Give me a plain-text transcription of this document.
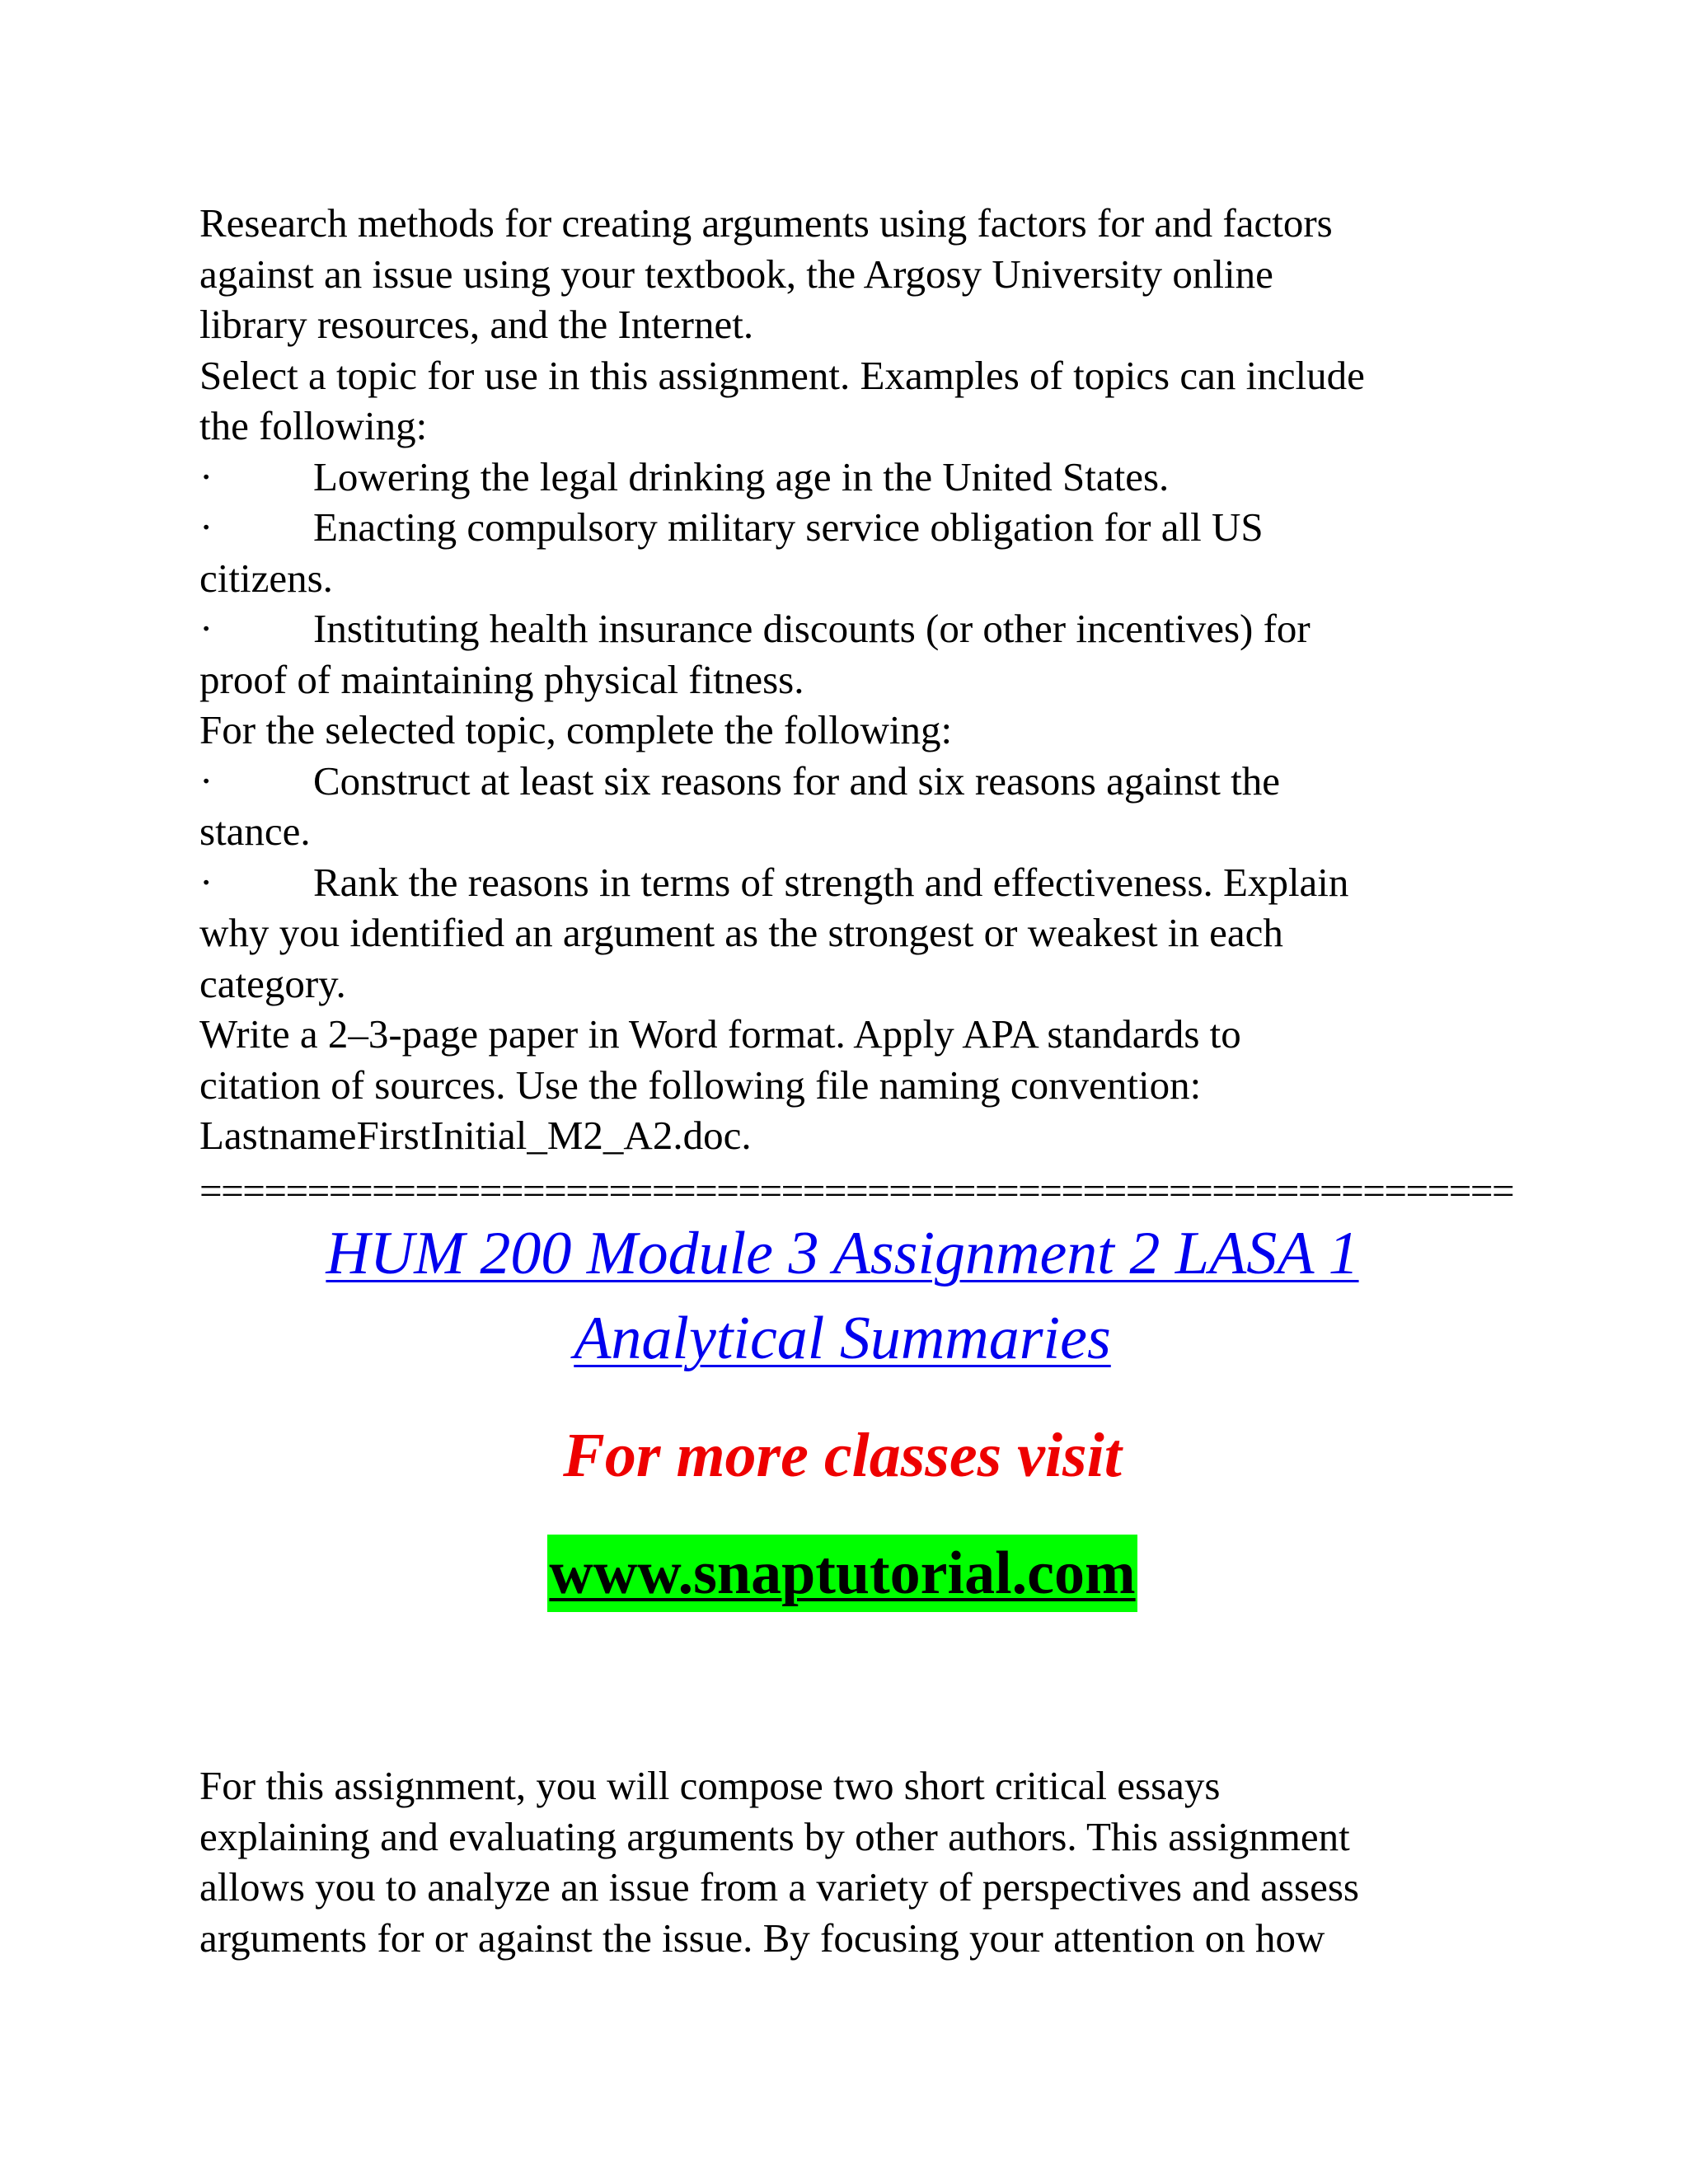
Research methods for creating arguments using factors for and factors
against an issue using your textbook, the Argosy University online
library resources, and the Internet.
Select a topic for use in this assignment. Examples of topics can include
the following:
· Lowering the legal drinking age in the United States.
· Enacting compulsory military service obligation for all US
citizens.
· Instituting health insurance discounts (or other incentives) for
proof of maintaining physical fitness.
For the selected topic, complete the following:
· Construct at least six reasons for and six reasons against the
stance.
· Rank the reasons in terms of strength and effectiveness. Explain
why you identified an argument as the strongest or weakest in each
category.
Write a 2–3-page paper in Word format. Apply APA standards to
citation of sources. Use the following file naming convention:
LastnameFirstInitial_M2_A2.doc.
=============================================================
HUM 200 Module 3 Assignment 2 LASA 1
Analytical Summaries
For more classes visit
www.snaptutorial.com
For this assignment, you will compose two short critical essays
explaining and evaluating arguments by other authors. This assignment
allows you to analyze an issue from a variety of perspectives and assess
arguments for or against the issue. By focusing your attention on how
